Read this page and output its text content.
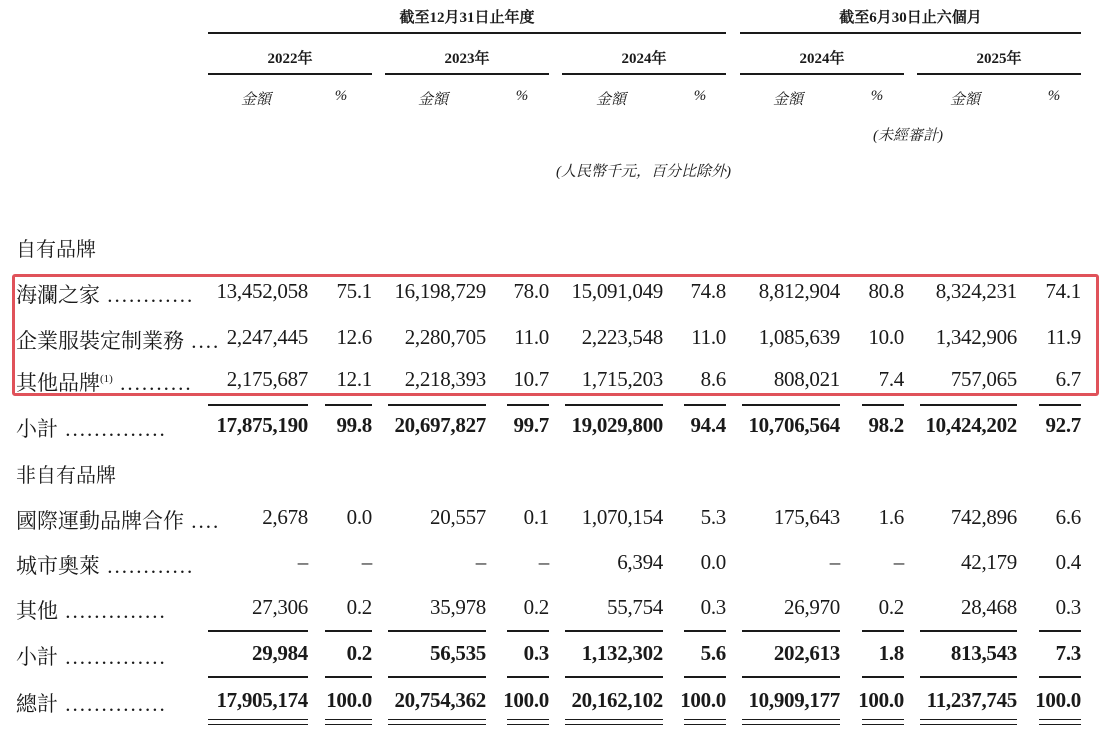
截至12月31日止年度	截至6月30日止六個月
2022年	2023年	2024年	2024年	2025年
金額	%	金額	%	金額	%	金額	%	金額	%
(未經審計)
(人民幣千元，百分比除外)
自有品牌
海瀾之家 ............	13,452,058	75.1	16,198,729	78.0	15,091,049	74.8	8,812,904	80.8	8,324,231	74.1
企業服裝定制業務 .... 2,247,445	12.6	2,280,705	11.0	2,223,548	11.0	1,085,639	10.0	1,342,906	11.9
其他品牌$^{(1)}$ ..........	2,175,687	12.1	2,218,393	10.7	1,715,203	8.6	808,021	7.4	757,065	6.7
小計 ..............	17,875,190	99.8	20,697,827	99.7	19,029,800	94.4	10,706,564	98.2	10,424,202	92.7
國際運動品牌合作 ....	2,678	0.0	20,557	0.1	1,070,154	5.3	175,643	1.6	742,896	6.6
城市奧萊 ............	–	–	–	–	6,394	0.0	–	–	42,179	0.4
其他 ..............	27,306	0.2	35,978	0.2	55,754	0.3	26,970	0.2	28,468	0.3
小計 ..............	29,984	0.2	56,535	0.3	1,132,302	5.6	202,613	1.8	813,543	7.3
總計 ..............	17,905,174 100.0	20,754,362 100.0	20,162,102 100.0	10,909,177 100.0	11,237,745 100.0
非自有品牌
